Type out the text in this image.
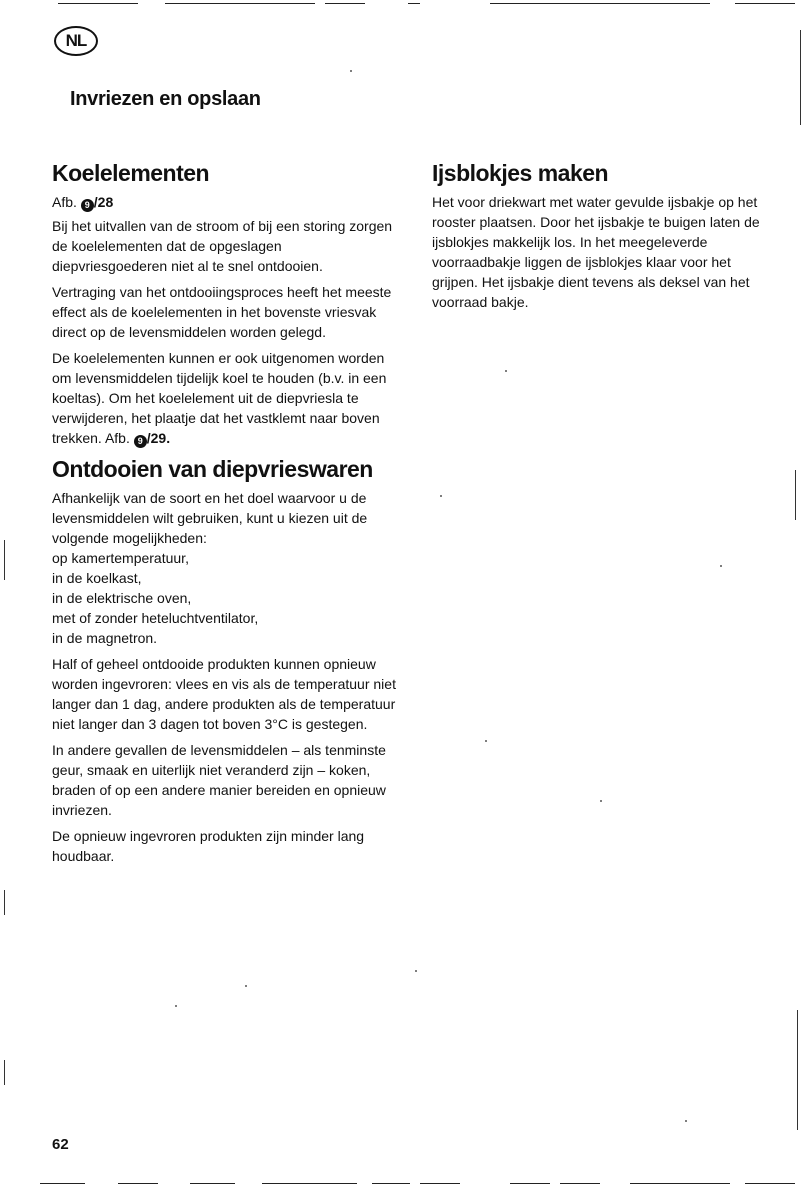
NL
Invriezen en opslaan
Koelelementen
Afb. 9 /28

Bij het uitvallen van de stroom of bij een storing zorgen de koelelementen dat de opgeslagen diepvriesgoederen niet al te snel ontdooien.

Vertraging van het ontdooiingsproces heeft het meeste effect als de koelelementen in het bovenste vriesvak direct op de levensmiddelen worden gelegd.

De koelelementen kunnen er ook uitgenomen worden om levensmiddelen tijdelijk koel te houden (b.v. in een koeltas). Om het koelelement uit de diepvriesla te verwijderen, het plaatje dat het vastklemt naar boven trekken. Afb. 9 /29.

Ontdooien van diepvrieswaren

Afhankelijk van de soort en het doel waarvoor u de levensmiddelen wilt gebruiken, kunt u kiezen uit de volgende mogelijkheden:

op kamertemperatuur,

in de koelkast,

in de elektrische oven,

met of zonder heteluchtventilator,

in de magnetron.

Half of geheel ontdooide produkten kunnen opnieuw worden ingevroren: vlees en vis als de temperatuur niet langer dan 1 dag, andere produkten als de temperatuur niet langer dan 3 dagen tot boven 3°C is gestegen.

In andere gevallen de levensmiddelen – als tenminste geur, smaak en uiterlijk niet veranderd zijn – koken, braden of op een andere manier bereiden en opnieuw invriezen.

De opnieuw ingevroren produkten zijn minder lang houdbaar.

Ijsblokjes maken

Het voor driekwart met water gevulde ijsbakje op het rooster plaatsen. Door het ijsbakje te buigen laten de ijsblokjes makkelijk los. In het meegeleverde voorraadbakje liggen de ijsblokjes klaar voor het grijpen. Het ijsbakje dient tevens als deksel van het voorraad bakje.

62
